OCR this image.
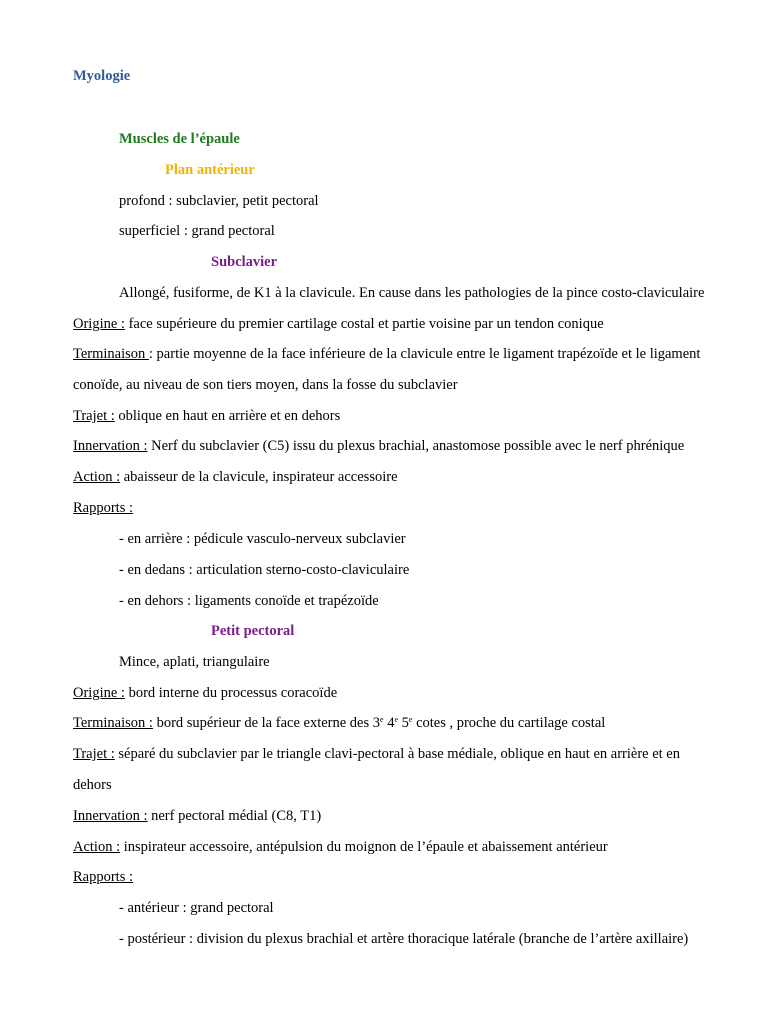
Myologie
Muscles de l’épaule
Plan antérieur
profond : subclavier, petit pectoral
superficiel : grand pectoral
Subclavier
Allongé, fusiforme, de K1 à la clavicule. En cause dans les pathologies de la pince costo-claviculaire
Origine : face supérieure du premier cartilage costal et partie voisine par un tendon conique
Terminaison : partie moyenne de la face inférieure de la clavicule entre le ligament trapézoïde et le ligament
conoïde, au niveau de son tiers moyen, dans la fosse du subclavier
Trajet : oblique en haut en arrière et en dehors
Innervation : Nerf du subclavier (C5) issu du plexus brachial, anastomose possible avec le nerf phrénique
Action : abaisseur de la clavicule, inspirateur accessoire
Rapports :
- en arrière : pédicule vasculo-nerveux subclavier
- en dedans : articulation sterno-costo-claviculaire
- en dehors : ligaments conoïde et trapézoïde
Petit pectoral
Mince, aplati, triangulaire
Origine : bord interne du processus coracoïde
Terminaison : bord supérieur de la face externe des 3e 4e 5e cotes , proche du cartilage costal
Trajet : séparé du subclavier par le triangle clavi-pectoral à base médiale, oblique en haut en arrière et en
dehors
Innervation : nerf pectoral médial (C8, T1)
Action : inspirateur accessoire, antépulsion du moignon de l’épaule et abaissement antérieur
Rapports :
- antérieur : grand pectoral
- postérieur : division du plexus brachial et artère thoracique latérale (branche de l’artère axillaire)
